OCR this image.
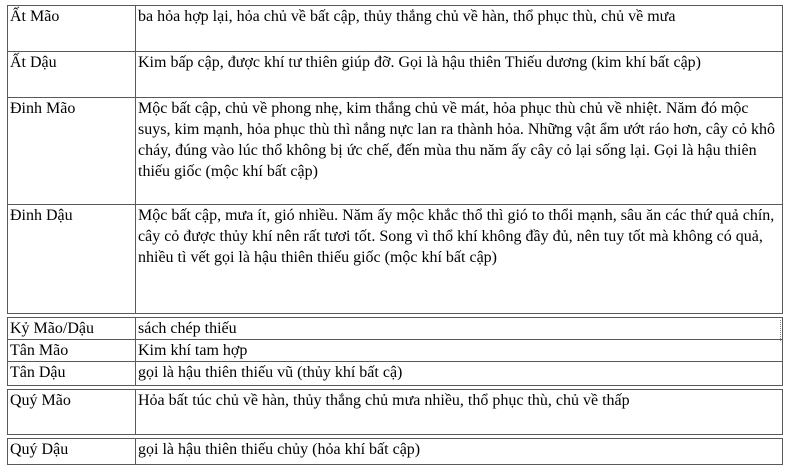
Ất Mão	ba hỏa hợp lại, hỏa chủ về bất cập, thủy thắng chủ về hàn, thổ phục thù, chủ về mưa
Ất Dậu	Kim bấp cập, được khí tư thiên giúp đỡ. Gọi là hậu thiên Thiếu dương (kim khí bất cập)
Đinh Mão	Mộc bất cập, chủ về phong nhẹ, kim thắng chủ về mát, hỏa phục thù chủ về nhiệt. Năm đó mộc suys, kim mạnh, hỏa phục thù thì nắng nực lan ra thành hỏa. Những vật ẩm ướt ráo hơn, cây cỏ khô cháy, đúng vào lúc thổ không bị ức chế, đến mùa thu năm ấy cây cỏ lại sống lại. Gọi là hậu thiên thiếu giốc (mộc khí bất cập)
Đinh Dậu	Mộc bất cập, mưa ít, gió nhiều. Năm ấy mộc khắc thổ thì gió to thổi mạnh, sâu ăn các thứ quả chín, cây cỏ được thủy khí nên rất tươi tốt. Song vì thổ khí không đầy đủ, nên tuy tốt mà không có quả, nhiều tì vết gọi là hậu thiên thiếu giốc (mộc khí bất cập)
Kỷ Mão/Dậu	sách chép thiếu
Tân Mão	Kim khí tam hợp
Tân Dậu	gọi là hậu thiên thiếu vũ (thủy khí bất cậ)
Quý Mão	Hỏa bất túc chủ về hàn, thủy thắng chủ mưa nhiều, thổ phục thù, chủ về thấp
Quý Dậu	gọi là hậu thiên thiếu chủy (hỏa khí bất cập)
